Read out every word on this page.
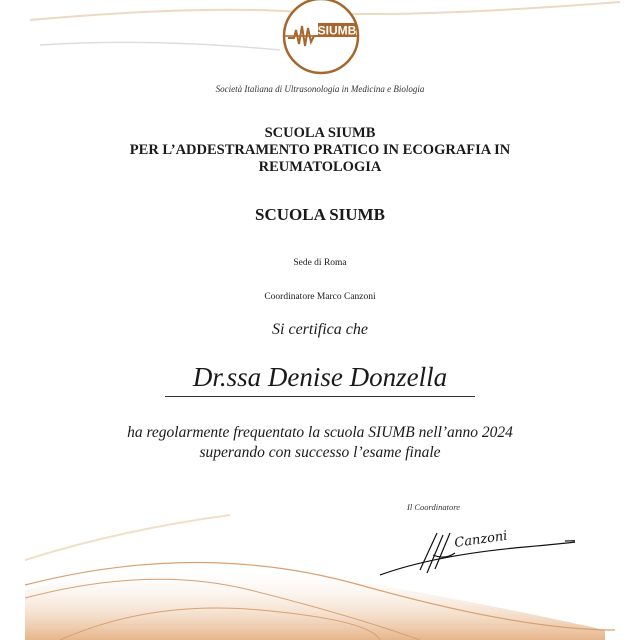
SIUMB
Società Italiana di Ultrasonologia in Medicina e Biologia
SCUOLA SIUMB
PER L’ADDESTRAMENTO PRATICO IN ECOGRAFIA IN
REUMATOLOGIA
SCUOLA SIUMB
Sede di Roma
Coordinatore Marco Canzoni
Si certifica che
Dr.ssa Denise Donzella
ha regolarmente frequentato la scuola SIUMB nell’anno 2024
superando con successo l’esame finale
Il Coordinatore
Canzoni
